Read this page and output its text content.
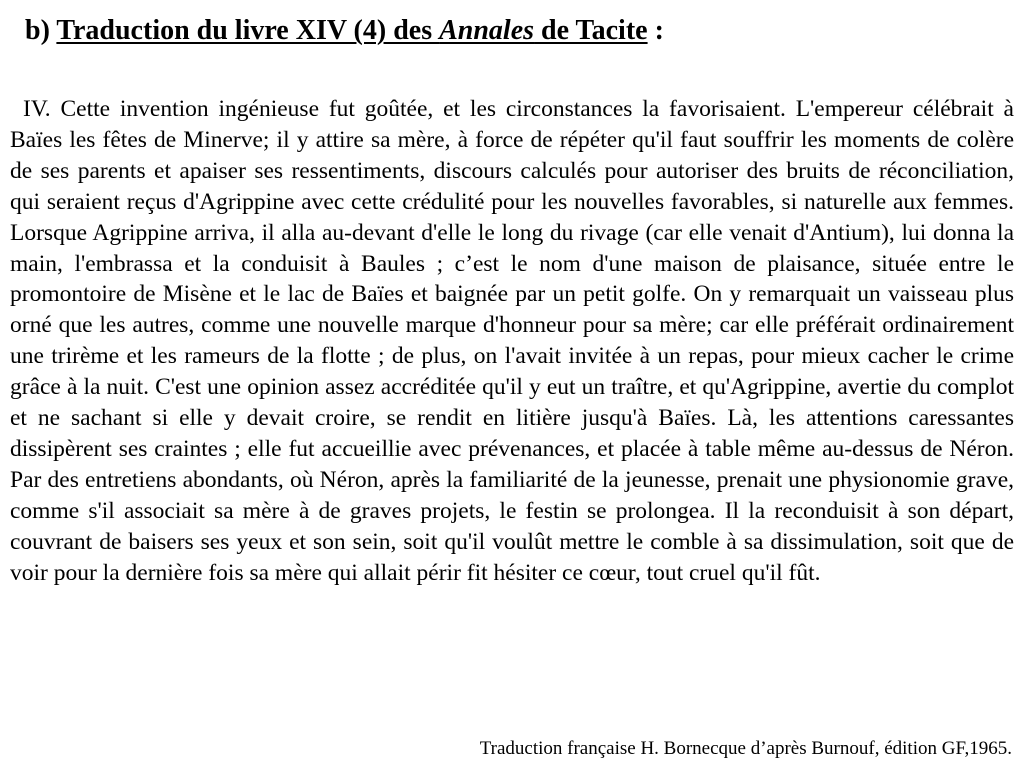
b) Traduction du livre XIV (4) des Annales de Tacite :

IV. Cette invention ingénieuse fut goûtée, et les circonstances la favorisaient. L'empereur célébrait à Baïes les fêtes de Minerve; il y attire sa mère, à force de répéter qu'il faut souffrir les moments de colère de ses parents et apaiser ses ressentiments, discours calculés pour autoriser des bruits de réconciliation, qui seraient reçus d'Agrippine avec cette crédulité pour les nouvelles favorables, si naturelle aux femmes. Lorsque Agrippine arriva, il alla au-devant d'elle le long du rivage (car elle venait d'Antium), lui donna la main, l'embrassa et la conduisit à Baules ; c’est le nom d'une maison de plaisance, située entre le promontoire de Misène et le lac de Baïes et baignée par un petit golfe. On y remarquait un vaisseau plus orné que les autres, comme une nouvelle marque d'honneur pour sa mère; car elle préférait ordinairement une trirème et les rameurs de la flotte ; de plus, on l'avait invitée à un repas, pour mieux cacher le crime grâce à la nuit. C'est une opinion assez accréditée qu'il y eut un traître, et qu'Agrippine, avertie du complot et ne sachant si elle y devait croire, se rendit en litière jusqu'à Baïes. Là, les attentions caressantes dissipèrent ses craintes ; elle fut accueillie avec prévenances, et placée à table même au-dessus de Néron. Par des entretiens abondants, où Néron, après la familiarité de la jeunesse, prenait une physionomie grave, comme s'il associait sa mère à de graves projets, le festin se prolongea. Il la reconduisit à son départ, couvrant de baisers ses yeux et son sein, soit qu'il voulût mettre le comble à sa dissimulation, soit que de voir pour la dernière fois sa mère qui allait périr fit hésiter ce cœur, tout cruel qu'il fût.

Traduction française H. Bornecque d’après Burnouf, édition GF,1965.
